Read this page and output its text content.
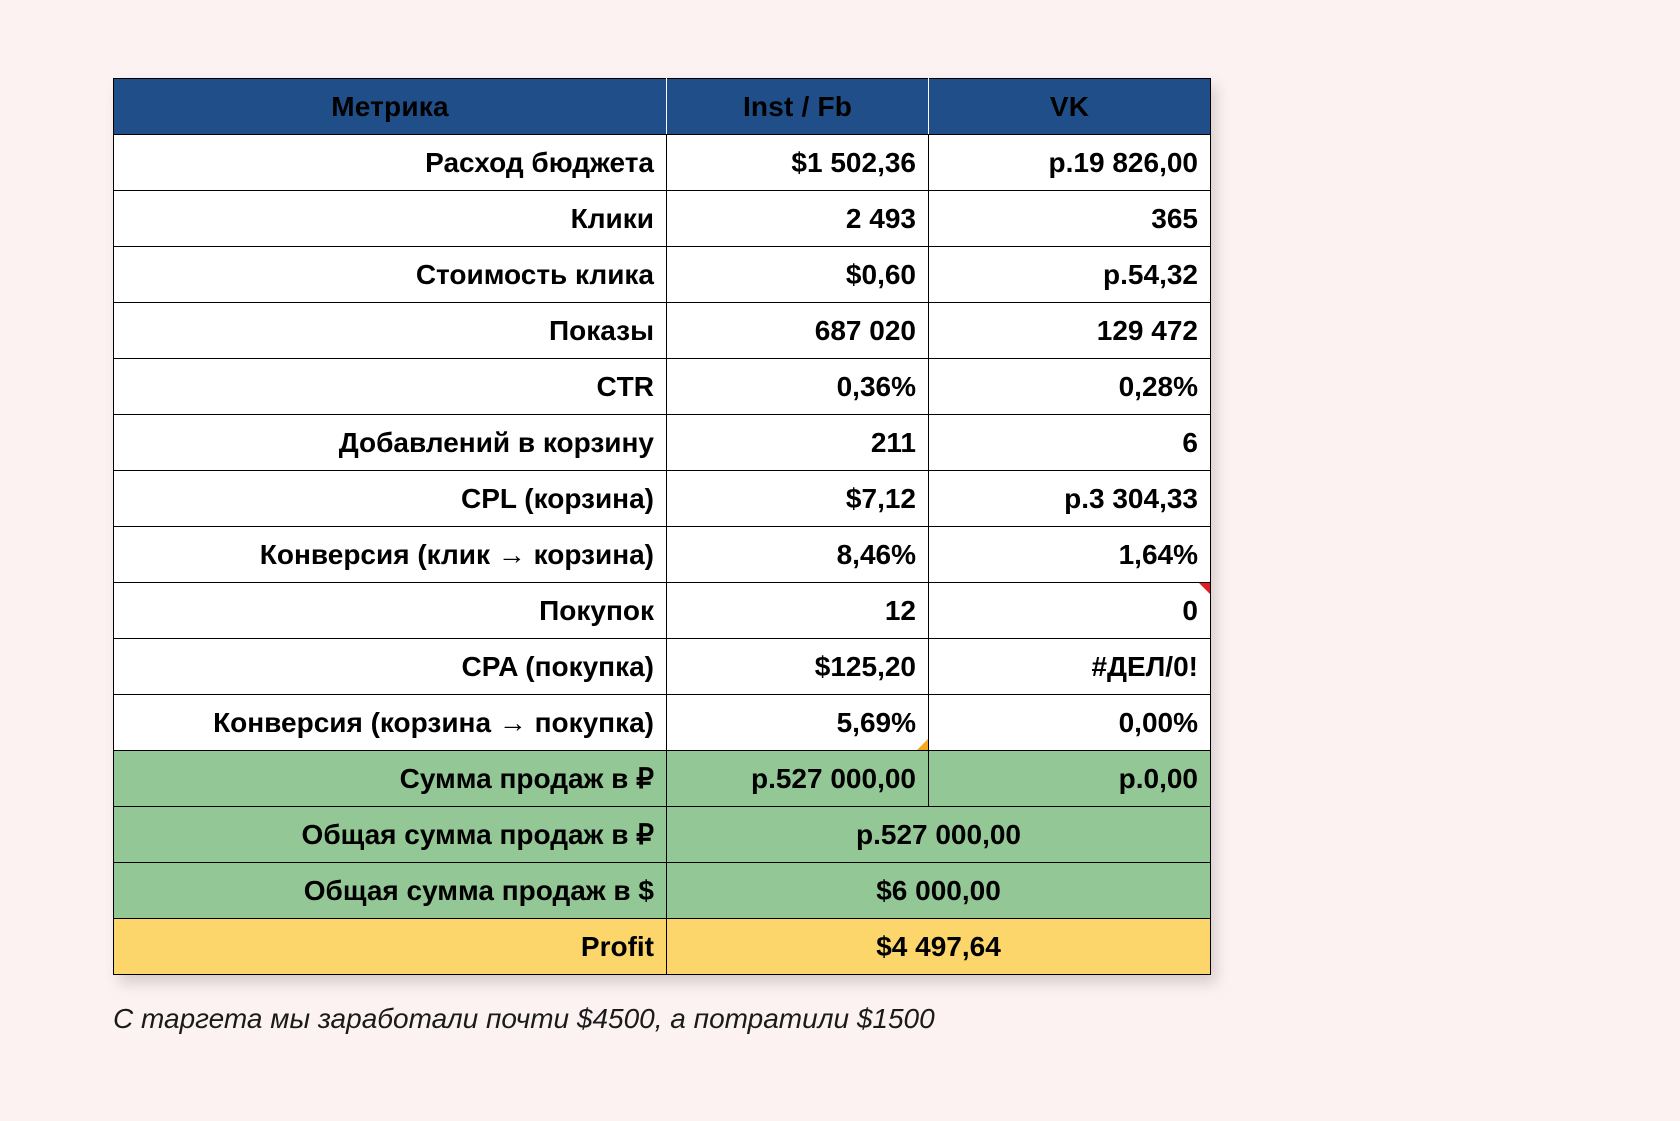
Метрика	Inst / Fb	VK
Расход бюджета	$1 502,36	р.19 826,00
Клики	2 493	365
Стоимость клика	$0,60	р.54,32
Показы	687 020	129 472
CTR	0,36%	0,28%
Добавлений в корзину	211	6
CPL (корзина)	$7,12	р.3 304,33
Конверсия (клик → корзина)	8,46%	1,64%
Покупок	12	0

CPA (покупка)	$125,20	#ДЕЛ/0!
Конверсия (корзина → покупка)	5,69%	0,00%
Сумма продаж в ₽	р.527 000,00	р.0,00
Общая сумма продаж в ₽	р.527 000,00	
Общая сумма продаж в $	$6 000,00	
Profit	$4 497,64	
С таргета мы заработали почти $4500, а потратили $1500
